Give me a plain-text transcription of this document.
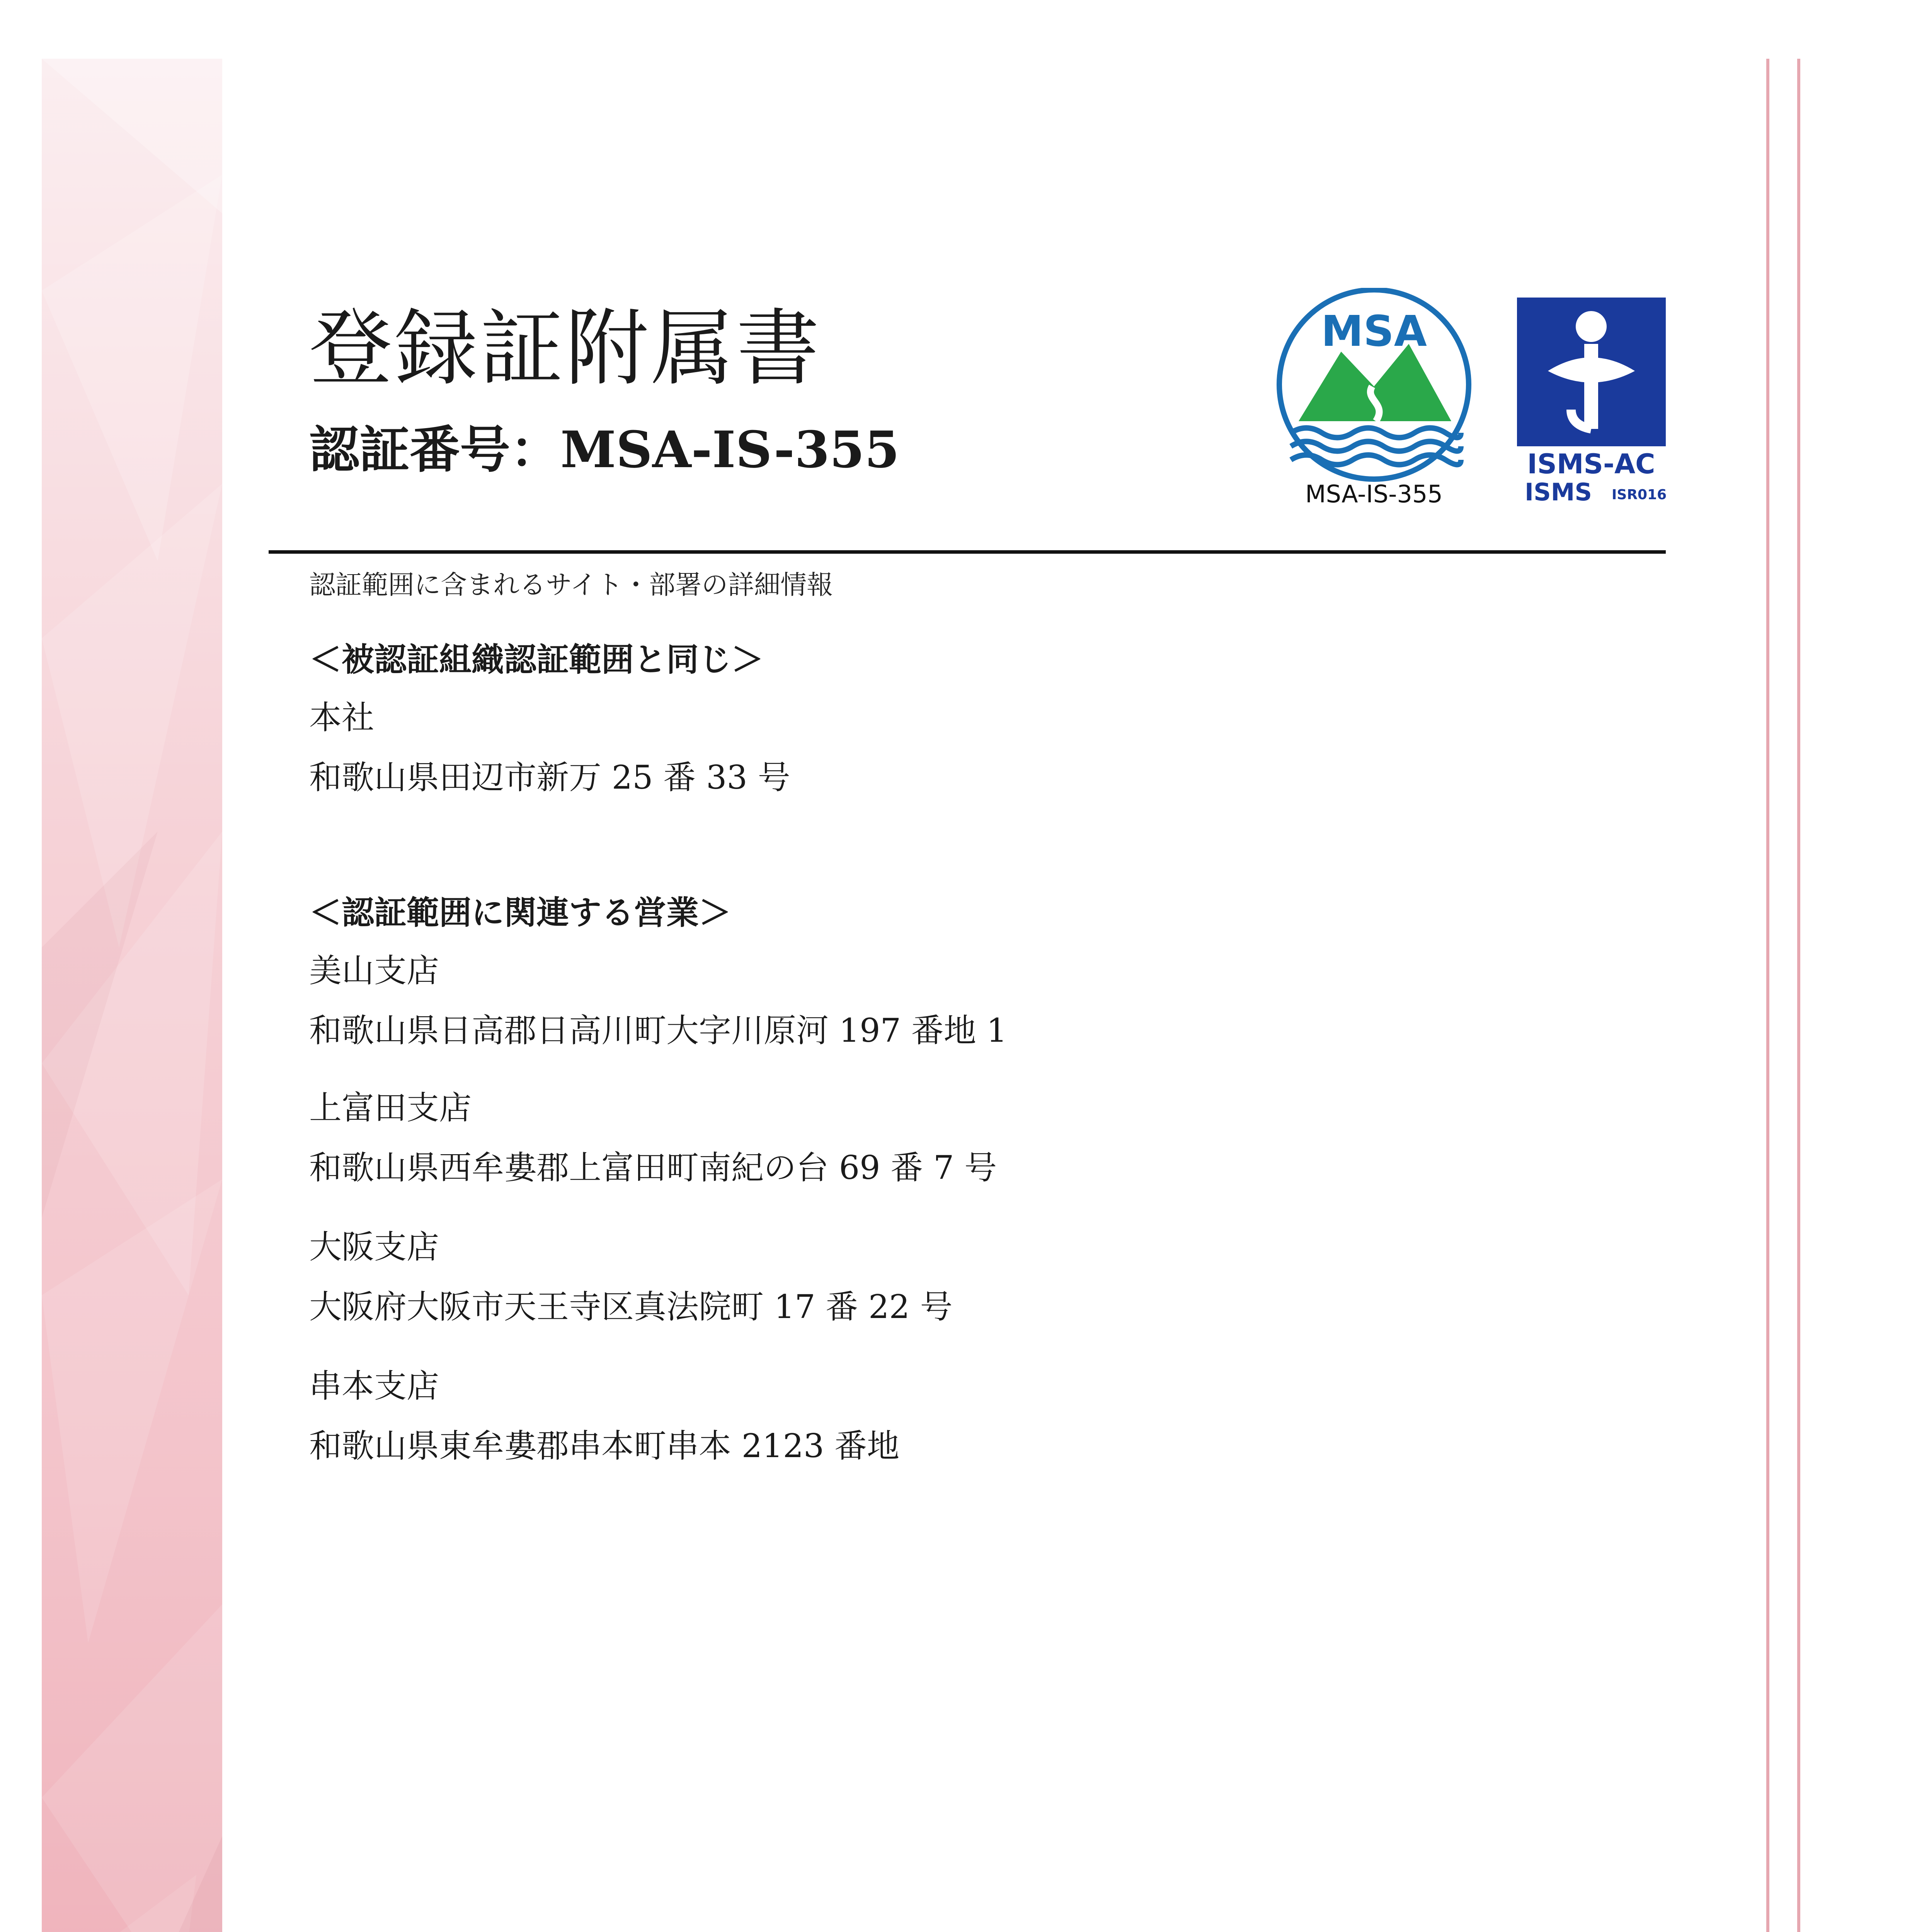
登録証附属書
認証番号：MSA-IS-355
MSA
MSA-IS-355
ISMS-AC
ISMS ISR016
認証範囲に含まれるサイト・部署の詳細情報
＜被認証組織認証範囲と同じ＞
本社
和歌山県田辺市新万 25 番 33 号
＜認証範囲に関連する営業＞
美山支店
和歌山県日高郡日高川町大字川原河 197 番地 1
上富田支店
和歌山県西牟婁郡上富田町南紀の台 69 番 7 号
大阪支店
大阪府大阪市天王寺区真法院町 17 番 22 号
串本支店
和歌山県東牟婁郡串本町串本 2123 番地
